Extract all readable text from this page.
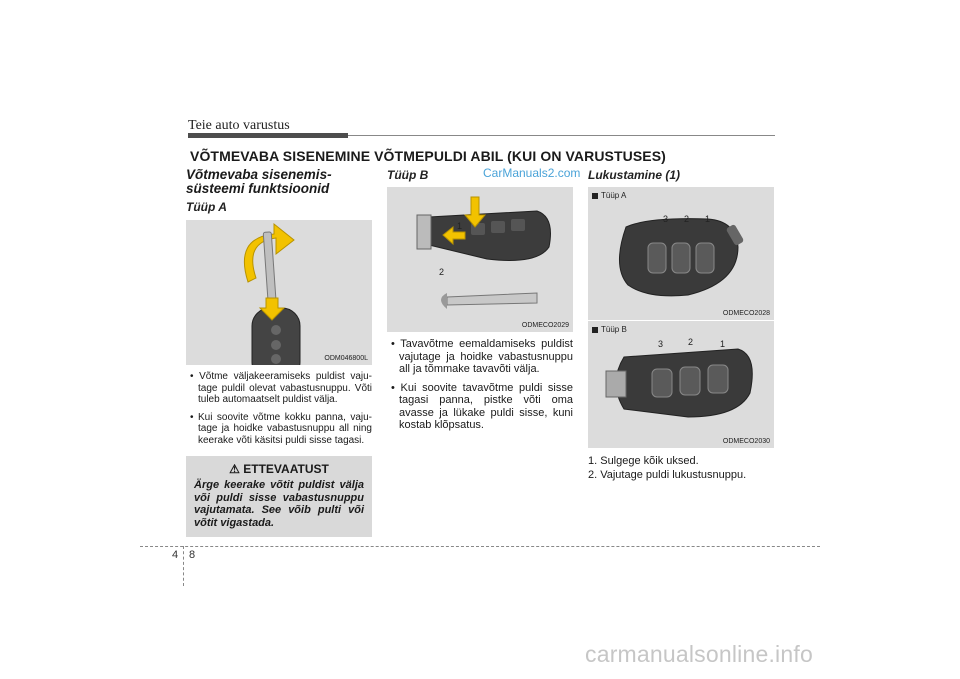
Teie auto varustus
VÕTMEVABA SISENEMINE VÕTMEPULDI ABIL (KUI ON VARUSTUSES)
Võtmevaba sisenemis-
süsteemi funktsioonid
Tüüp A
ODM046800L
• Võtme väljakeeramiseks puldist vaju-tage puldil olevat vabastusnuppu. Võti tuleb automaatselt puldist välja.
• Kui soovite võtme kokku panna, vaju-tage ja hoidke vabastusnuppu all ning keerake võti käsitsi puldi sisse tagasi.
⚠ ETTEVAATUST
Ärge keerake võtit puldist välja või puldi sisse vabastusnuppu vajutamata. See võib pulti või võtit vigastada.
Tüüp B
1
2
ODMECO2029
• Tavavõtme eemaldamiseks puldist vajutage ja hoidke vabastusnuppu all ja tõmmake tavavõti välja.
• Kui soovite tavavõtme puldi sisse tagasi panna, pistke võti oma avasse ja lükake puldi sisse, kuni kostab klõpsatus.
CarManuals2.com Lukustamine (1)
Tüüp A
3 2 1
ODMECO2028
Tüüp B
3	2	1
ODMECO2030
1. Sulgege kõik uksed.
2. Vajutage puldi lukustusnuppu.
4 8
carmanualsonline.info
